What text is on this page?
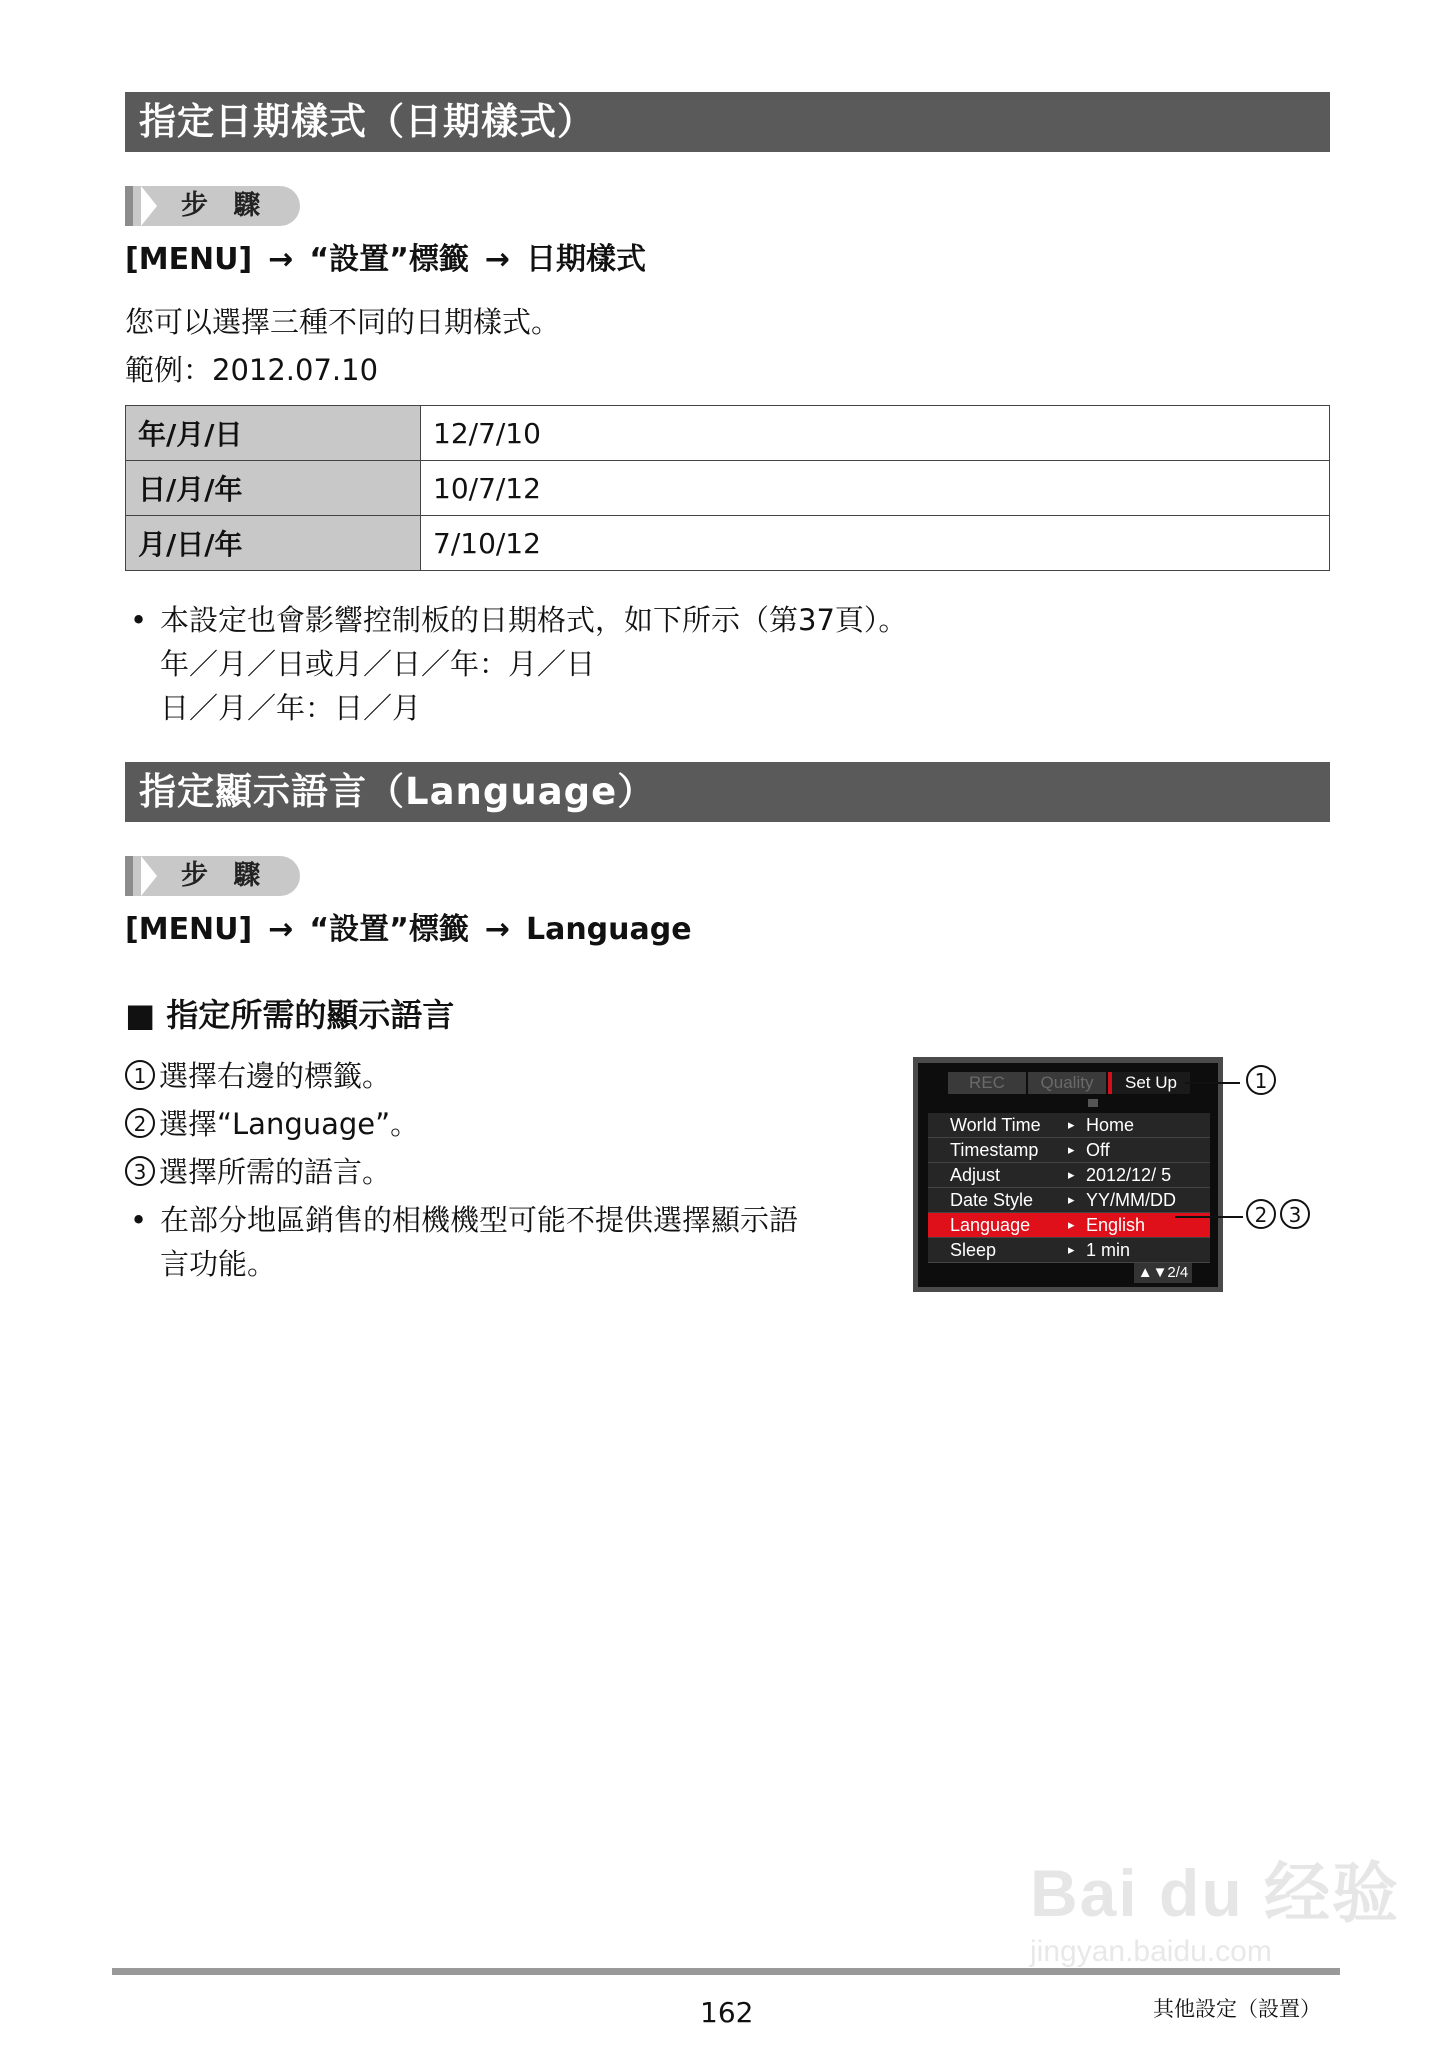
指定日期樣式（日期樣式）
步 驟
[MENU] → “設置”標籤 → 日期樣式
您可以選擇三種不同的日期樣式。
範例：2012.07.10
年/月/日	12/7/10
日/月/年	10/7/12
月/日/年	7/10/12
• 本設定也會影響控制板的日期格式，如下所示（第37頁）。
年／月／日或月／日／年：月／日
日／月／年：日／月
指定顯示語言（Language）
步 驟
[MENU] → “設置”標籤 → Language
■ 指定所需的顯示語言
1 選擇右邊的標籤。
2 選擇“Language”。
3 選擇所需的語言。
• 在部分地區銷售的相機機型可能不提供選擇顯示語
言功能。
REC	Quality	Set Up
World Time ▸ Home
Timestamp ▸ Off
Adjust	▸ 2012/12/ 5
Date Style	▸ YY/MM/DD
Language	▸ English
Sleep	▸ 1 min
▲▼2/4
1
2 3
Bai du 经验
jingyan.baidu.com
162	其他設定（設置）
